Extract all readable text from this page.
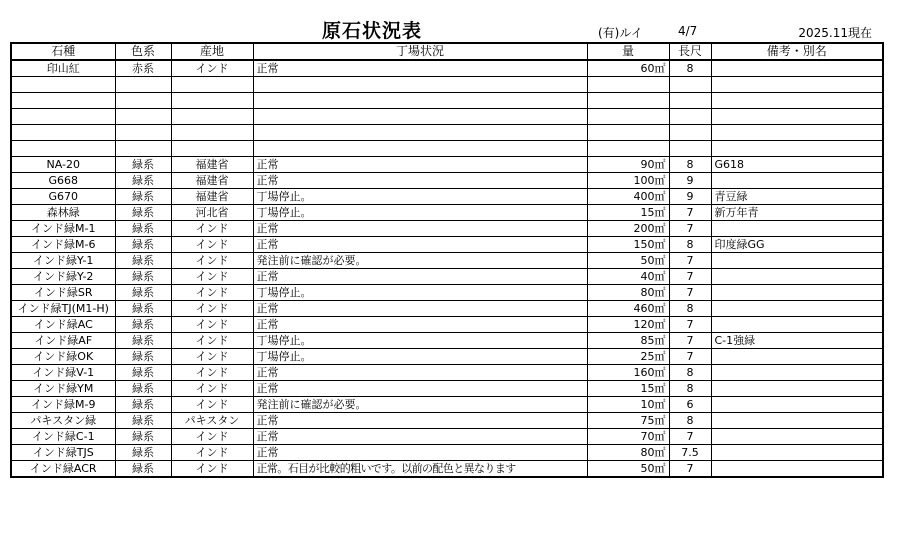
原石状況表	(有)ルイ	4/7	2025.11現在
石種	色系	産地	丁場状況	量	長尺	備考・別名
印山紅	赤系	インド	正常	60㎡	8	

NA-20	緑系	福建省	正常	90㎡	8	G618
G668	緑系	福建省	正常	100㎡	9	
G670	緑系	福建省	丁場停止。	400㎡	9	青豆緑
森林緑	緑系	河北省	丁場停止。	15㎡	7	新万年青
インド緑M-1	緑系	インド	正常	200㎡	7	
インド緑M-6	緑系	インド	正常	150㎡	8	印度緑GG
インド緑Y-1	緑系	インド	発注前に確認が必要。	50㎡	7	
インド緑Y-2	緑系	インド	正常	40㎡	7	
インド緑SR	緑系	インド	丁場停止。	80㎡	7	
インド緑TJ(M1-H)	緑系	インド	正常	460㎡	8	
インド緑AC	緑系	インド	正常	120㎡	7	
インド緑AF	緑系	インド	丁場停止。	85㎡	7	C-1強緑
インド緑OK	緑系	インド	丁場停止。	25㎡	7	
インド緑V-1	緑系	インド	正常	160㎡	8	
インド緑YM	緑系	インド	正常	15㎡	8	
インド緑M-9	緑系	インド	発注前に確認が必要。	10㎡	6	
パキスタン緑	緑系	パキスタン	正常	75㎡	8	
インド緑C-1	緑系	インド	正常	70㎡	7	
インド緑TJS	緑系	インド	正常	80㎡	7.5	
インド緑ACR	緑系	インド	正常。石目が比較的粗いです。以前の配色と異なります	50㎡	7	
